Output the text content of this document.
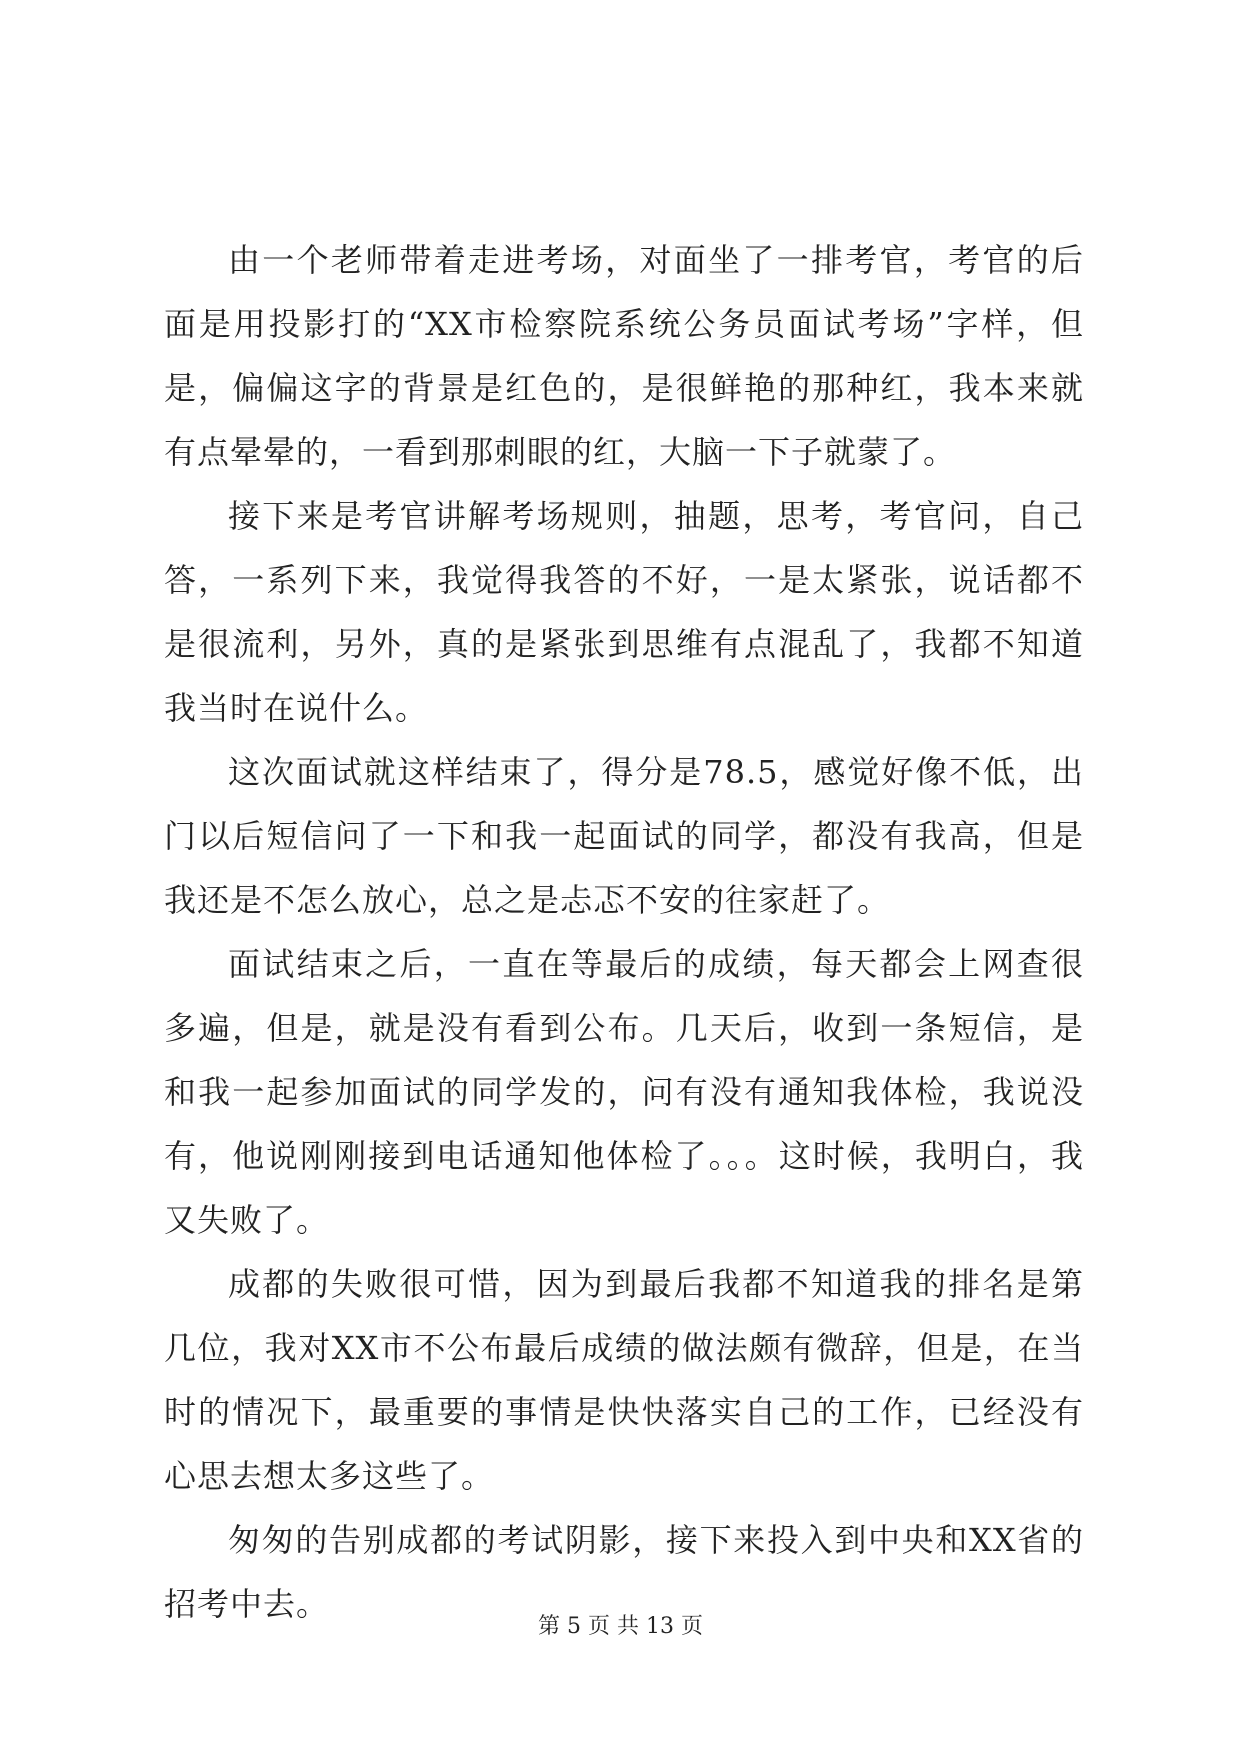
由一个老师带着走进考场，对面坐了一排考官，考官的后面是用投影打的“XX市检察院系统公务员面试考场”字样，但是，偏偏这字的背景是红色的，是很鲜艳的那种红，我本来就有点晕晕的，一看到那刺眼的红，大脑一下子就蒙了。

接下来是考官讲解考场规则，抽题，思考，考官问，自己答，一系列下来，我觉得我答的不好，一是太紧张，说话都不是很流利，另外，真的是紧张到思维有点混乱了，我都不知道我当时在说什么。

这次面试就这样结束了，得分是78.5，感觉好像不低，出门以后短信问了一下和我一起面试的同学，都没有我高，但是我还是不怎么放心，总之是忐忑不安的往家赶了。

面试结束之后，一直在等最后的成绩，每天都会上网查很多遍，但是，就是没有看到公布。几天后，收到一条短信，是和我一起参加面试的同学发的，问有没有通知我体检，我说没有，他说刚刚接到电话通知他体检了。。。这时候，我明白，我又失败了。

成都的失败很可惜，因为到最后我都不知道我的排名是第几位，我对XX市不公布最后成绩的做法颇有微辞，但是，在当时的情况下，最重要的事情是快快落实自己的工作，已经没有心思去想太多这些了。

匆匆的告别成都的考试阴影，接下来投入到中央和XX省的招考中去。

第 5 页 共 13 页
